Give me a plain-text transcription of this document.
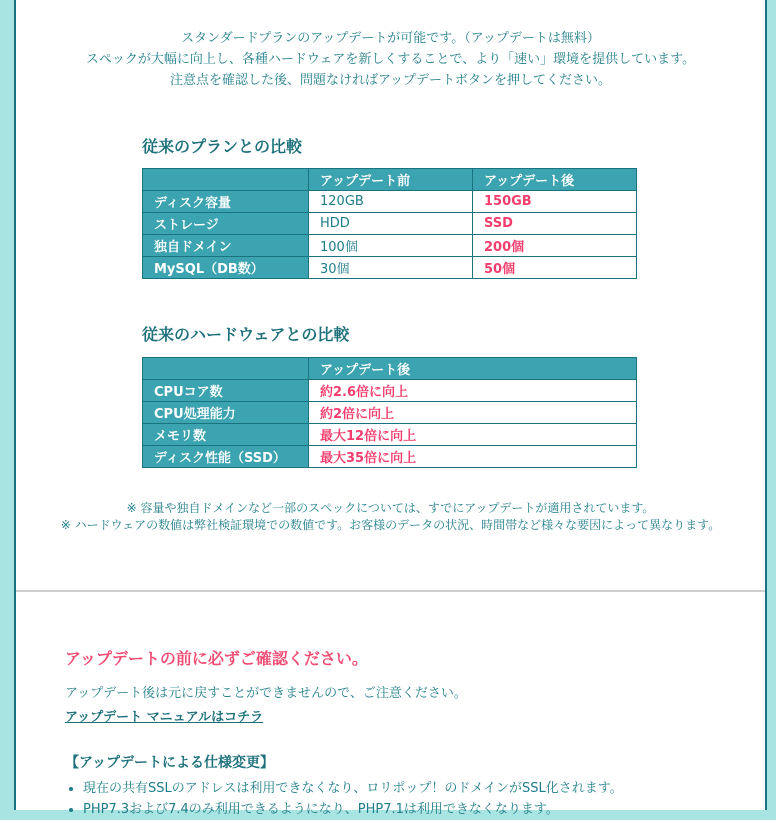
スタンダードプランのアップデートが可能です。（アップデートは無料）
スペックが大幅に向上し、各種ハードウェアを新しくすることで、より「速い」環境を提供しています。
注意点を確認した後、問題なければアップデートボタンを押してください。
従来のプランとの比較
	アップデート前	アップデート後
ディスク容量	120GB	150GB
ストレージ	HDD	SSD
独自ドメイン	100個	200個
MySQL（DB数）	30個	50個
従来のハードウェアとの比較
	アップデート後
CPUコア数	約2.6倍に向上
CPU処理能力	約2倍に向上
メモリ数	最大12倍に向上
ディスク性能（SSD）	最大35倍に向上
※ 容量や独自ドメインなど一部のスペックについては、すでにアップデートが適用されています。
※ ハードウェアの数値は弊社検証環境での数値です。お客様のデータの状況、時間帯など様々な要因によって異なります。
アップデートの前に必ずご確認ください。
アップデート後は元に戻すことができませんので、ご注意ください。
アップデート マニュアルはコチラ
【アップデートによる仕様変更】
• 現在の共有SSLのアドレスは利用できなくなり、ロリポップ！のドメインがSSL化されます。
• PHP7.3および7.4のみ利用できるようになり、PHP7.1は利用できなくなります。
